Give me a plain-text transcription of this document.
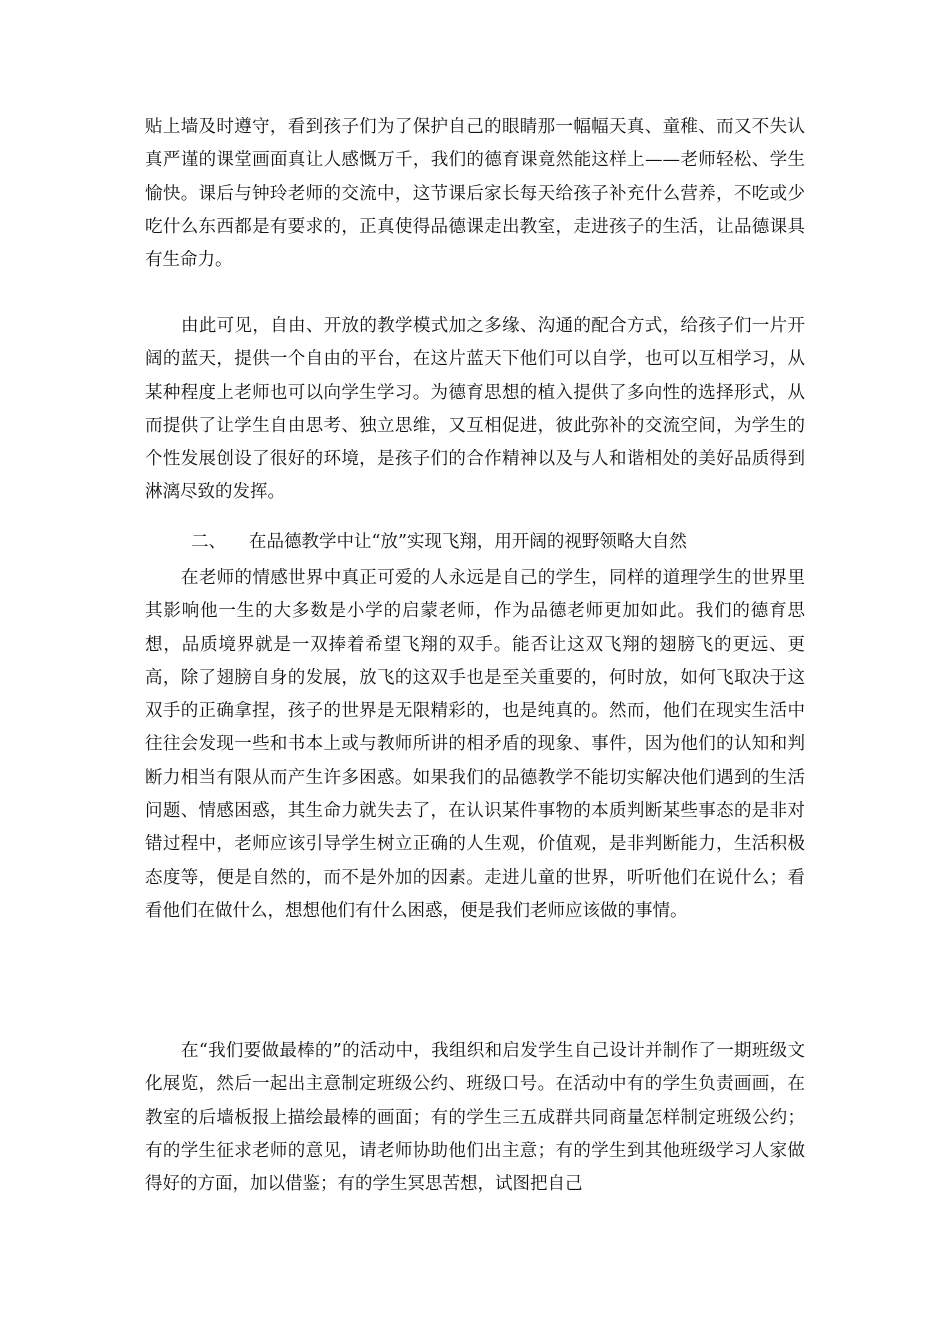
贴上墙及时遵守，看到孩子们为了保护自己的眼睛那一幅幅天真、童稚、而又不失认真严谨的课堂画面真让人感慨万千，我们的德育课竟然能这样上——老师轻松、学生愉快。课后与钟玲老师的交流中，这节课后家长每天给孩子补充什么营养，不吃或少吃什么东西都是有要求的，正真使得品德课走出教室，走进孩子的生活，让品德课具有生命力。

由此可见，自由、开放的教学模式加之多缘、沟通的配合方式，给孩子们一片开阔的蓝天，提供一个自由的平台，在这片蓝天下他们可以自学，也可以互相学习，从某种程度上老师也可以向学生学习。为德育思想的植入提供了多向性的选择形式，从而提供了让学生自由思考、独立思维，又互相促进，彼此弥补的交流空间，为学生的个性发展创设了很好的环境，是孩子们的合作精神以及与人和谐相处的美好品质得到淋漓尽致的发挥。

二、 在品德教学中让“放”实现飞翔，用开阔的视野领略大自然

在老师的情感世界中真正可爱的人永远是自己的学生，同样的道理学生的世界里其影响他一生的大多数是小学的启蒙老师，作为品德老师更加如此。我们的德育思想，品质境界就是一双捧着希望飞翔的双手。能否让这双飞翔的翅膀飞的更远、更高，除了翅膀自身的发展，放飞的这双手也是至关重要的，何时放，如何飞取决于这双手的正确拿捏，孩子的世界是无限精彩的，也是纯真的。然而，他们在现实生活中往往会发现一些和书本上或与教师所讲的相矛盾的现象、事件，因为他们的认知和判断力相当有限从而产生许多困惑。如果我们的品德教学不能切实解决他们遇到的生活问题、情感困惑，其生命力就失去了，在认识某件事物的本质判断某些事态的是非对错过程中，老师应该引导学生树立正确的人生观，价值观，是非判断能力，生活积极态度等，便是自然的，而不是外加的因素。走进儿童的世界，听听他们在说什么；看看他们在做什么，想想他们有什么困惑，便是我们老师应该做的事情。

在“我们要做最棒的”的活动中，我组织和启发学生自己设计并制作了一期班级文化展览，然后一起出主意制定班级公约、班级口号。在活动中有的学生负责画画，在教室的后墙板报上描绘最棒的画面；有的学生三五成群共同商量怎样制定班级公约；有的学生征求老师的意见，请老师协助他们出主意；有的学生到其他班级学习人家做得好的方面，加以借鉴；有的学生冥思苦想，试图把自己
